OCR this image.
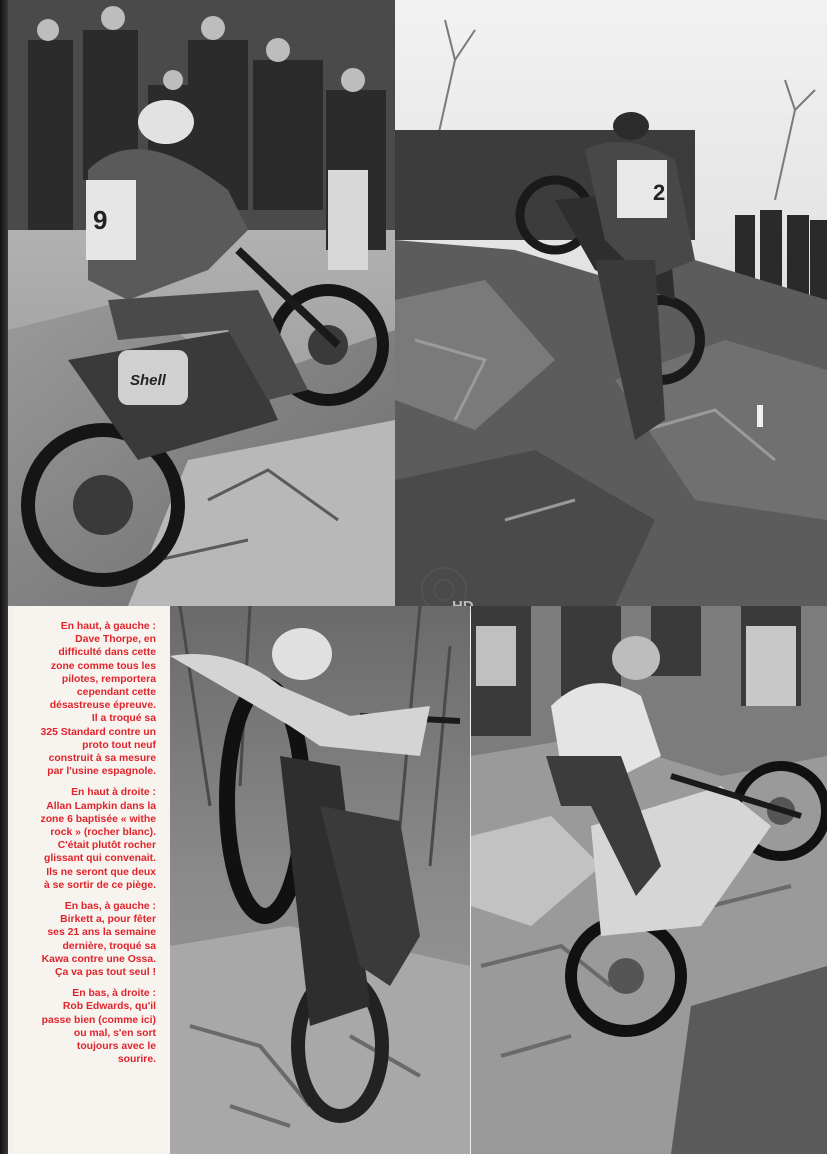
9
Shell
2

En haut, à gauche :
Dave Thorpe, en
difficulté dans cette
zone comme tous les
pilotes, remportera
cependant cette
désastreuse épreuve.
Il a troqué sa
325 Standard contre un
proto tout neuf
construit à sa mesure
par l'usine espagnole.

En haut à droite :
Allan Lampkin dans la
zone 6 baptisée « withe
rock » (rocher blanc).
C'était plutôt rocher
glissant qui convenait.
Ils ne seront que deux
à se sortir de ce piège.

En bas, à gauche :
Birkett a, pour fêter
ses 21 ans la semaine
dernière, troqué sa
Kawa contre une Ossa.
Ça va pas tout seul !

En bas, à droite :
Rob Edwards, qu'il
passe bien (comme ici)
ou mal, s'en sort
toujours avec le
sourire.
